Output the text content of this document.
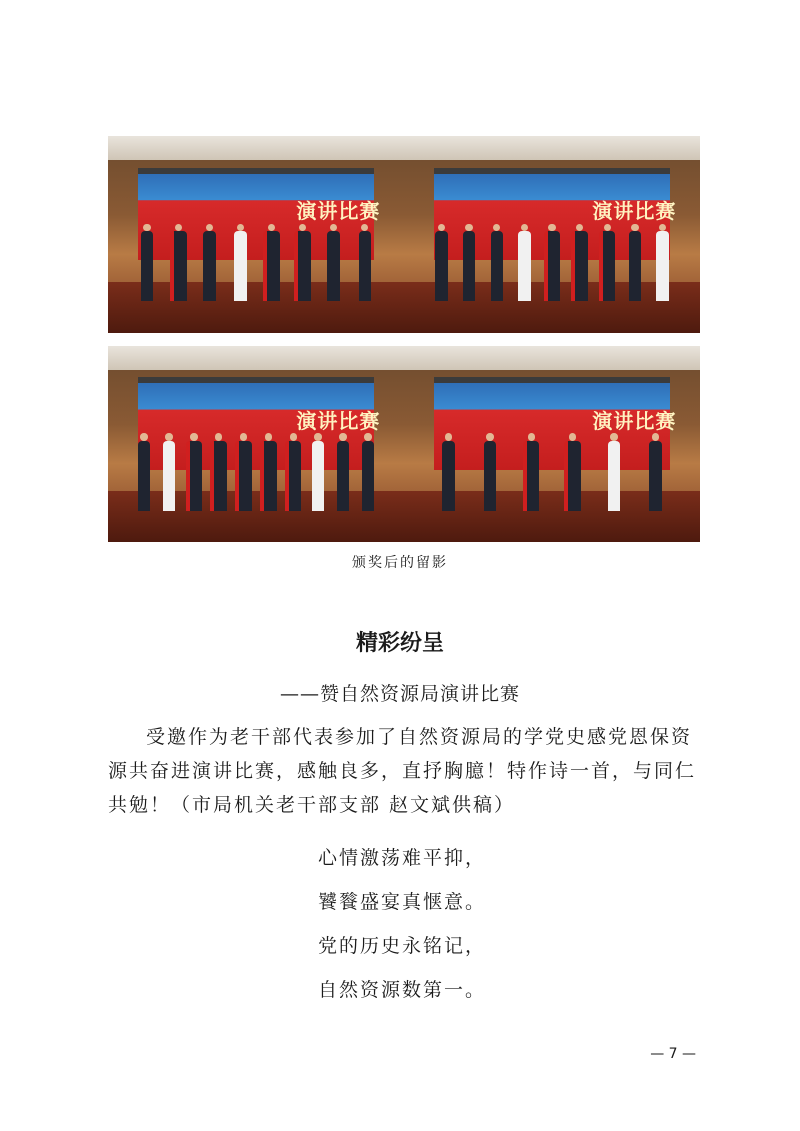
演讲比赛	演讲比赛
演讲比赛	演讲比赛
颁奖后的留影
精彩纷呈
——赞自然资源局演讲比赛

受邀作为老干部代表参加了自然资源局的学党史感党恩保资源共奋进演讲比赛，感触良多，直抒胸臆！特作诗一首，与同仁共勉！（市局机关老干部支部 赵文斌供稿）

心情激荡难平抑，
饕餮盛宴真惬意。
党的历史永铭记，
自然资源数第一。
— 7 —
